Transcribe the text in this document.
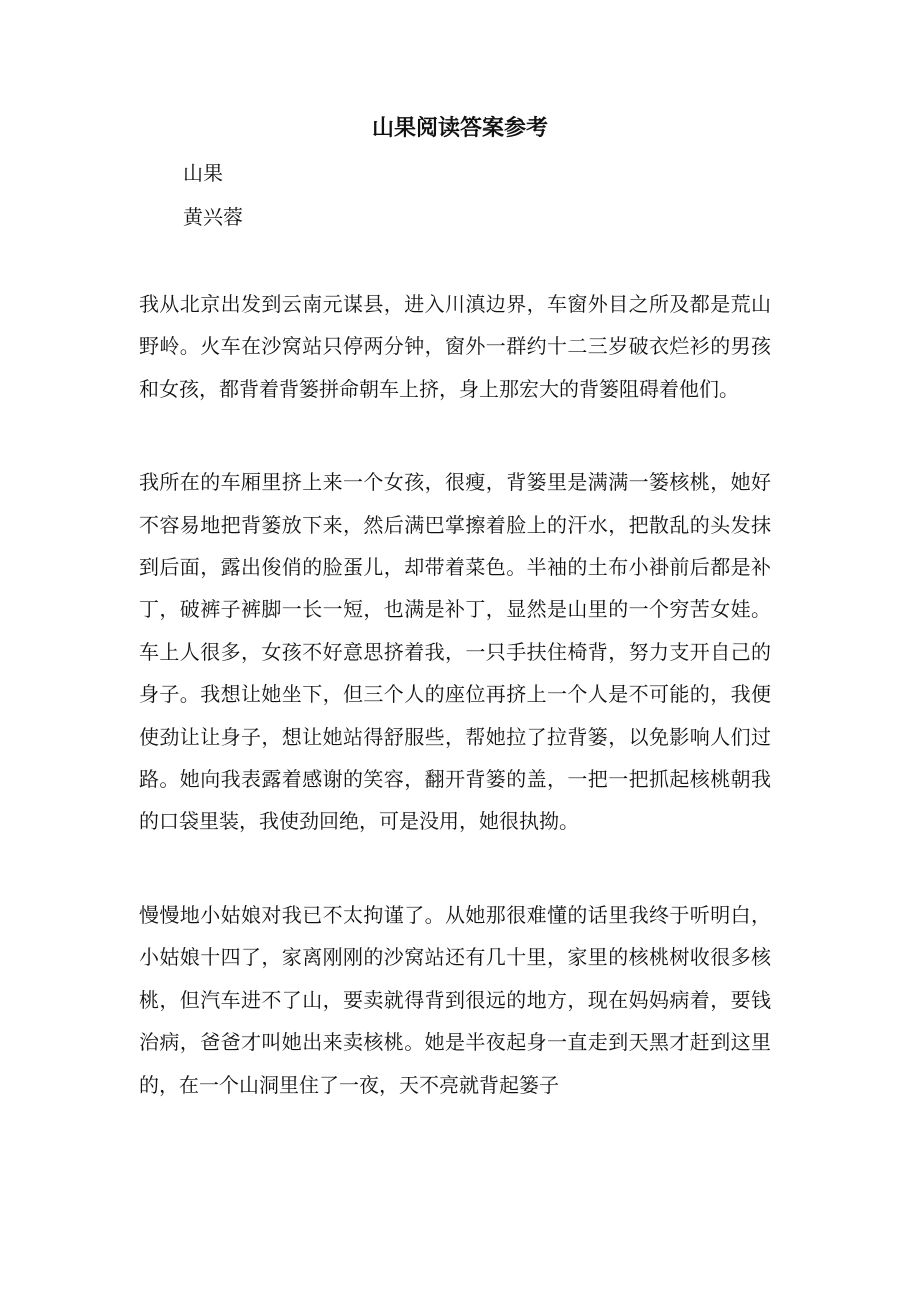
山果阅读答案参考

山果

黄兴蓉

我从北京出发到云南元谋县，进入川滇边界，车窗外目之所及都是荒山野岭。火车在沙窝站只停两分钟，窗外一群约十二三岁破衣烂衫的男孩和女孩，都背着背篓拼命朝车上挤，身上那宏大的背篓阻碍着他们。

我所在的车厢里挤上来一个女孩，很瘦，背篓里是满满一篓核桃，她好不容易地把背篓放下来，然后满巴掌擦着脸上的汗水，把散乱的头发抹到后面，露出俊俏的脸蛋儿，却带着菜色。半袖的土布小褂前后都是补丁，破裤子裤脚一长一短，也满是补丁，显然是山里的一个穷苦女娃。车上人很多，女孩不好意思挤着我，一只手扶住椅背，努力支开自己的身子。我想让她坐下，但三个人的座位再挤上一个人是不可能的，我便使劲让让身子，想让她站得舒服些，帮她拉了拉背篓，以免影响人们过路。她向我表露着感谢的笑容，翻开背篓的盖，一把一把抓起核桃朝我的口袋里装，我使劲回绝，可是没用，她很执拗。

慢慢地小姑娘对我已不太拘谨了。从她那很难懂的话里我终于听明白，小姑娘十四了，家离刚刚的沙窝站还有几十里，家里的核桃树收很多核桃，但汽车进不了山，要卖就得背到很远的地方，现在妈妈病着，要钱治病，爸爸才叫她出来卖核桃。她是半夜起身一直走到天黑才赶到这里的，在一个山洞里住了一夜，天不亮就背起篓子
